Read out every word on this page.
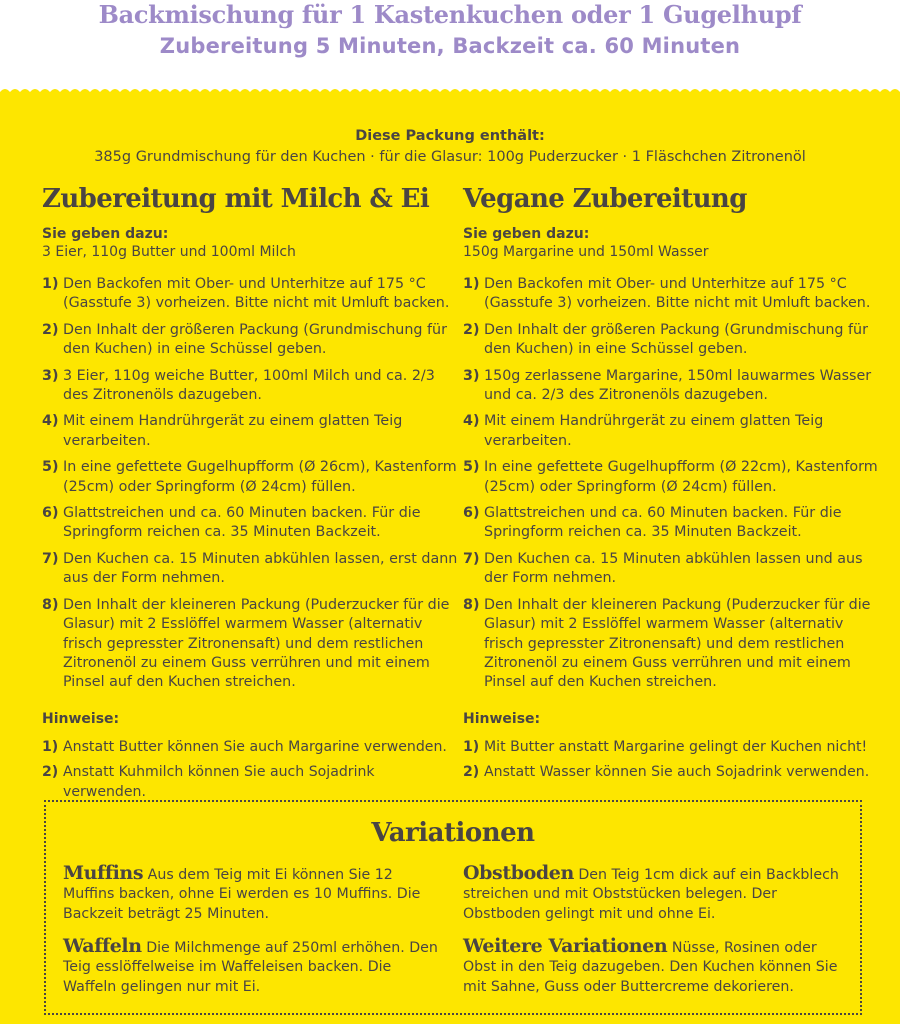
Backmischung für 1 Kastenkuchen oder 1 Gugelhupf
Zubereitung 5 Minuten, Backzeit ca. 60 Minuten
Diese Packung enthält:
385g Grundmischung für den Kuchen · für die Glasur: 100g Puderzucker · 1 Fläschchen Zitronenöl
Zubereitung mit Milch & Ei
Sie geben dazu:
3 Eier, 110g Butter und 100ml Milch
1) Den Backofen mit Ober- und Unterhitze auf 175 °C (Gasstufe 3) vorheizen. Bitte nicht mit Umluft backen.
2) Den Inhalt der größeren Packung (Grundmischung für den Kuchen) in eine Schüssel geben.
3) 3 Eier, 110g weiche Butter, 100ml Milch und ca. 2/3 des Zitronenöls dazugeben.
4) Mit einem Handrührgerät zu einem glatten Teig verarbeiten.
5) In eine gefettete Gugelhupfform (Ø 26cm), Kastenform (25cm) oder Springform (Ø 24cm) füllen.
6) Glattstreichen und ca. 60 Minuten backen. Für die Springform reichen ca. 35 Minuten Backzeit.
7) Den Kuchen ca. 15 Minuten abkühlen lassen, erst dann aus der Form nehmen.
8) Den Inhalt der kleineren Packung (Puderzucker für die Glasur) mit 2 Esslöffel warmem Wasser (alternativ frisch gepresster Zitronensaft) und dem restlichen Zitronenöl zu einem Guss verrühren und mit einem Pinsel auf den Kuchen streichen.
Hinweise:
1) Anstatt Butter können Sie auch Margarine verwenden.
2) Anstatt Kuhmilch können Sie auch Sojadrink verwenden.
Vegane Zubereitung
Sie geben dazu:
150g Margarine und 150ml Wasser
1) Den Backofen mit Ober- und Unterhitze auf 175 °C (Gasstufe 3) vorheizen. Bitte nicht mit Umluft backen.
2) Den Inhalt der größeren Packung (Grundmischung für den Kuchen) in eine Schüssel geben.
3) 150g zerlassene Margarine, 150ml lauwarmes Wasser und ca. 2/3 des Zitronenöls dazugeben.
4) Mit einem Handrührgerät zu einem glatten Teig verarbeiten.
5) In eine gefettete Gugelhupfform (Ø 22cm), Kastenform (25cm) oder Springform (Ø 24cm) füllen.
6) Glattstreichen und ca. 60 Minuten backen. Für die Springform reichen ca. 35 Minuten Backzeit.
7) Den Kuchen ca. 15 Minuten abkühlen lassen und aus der Form nehmen.
8) Den Inhalt der kleineren Packung (Puderzucker für die Glasur) mit 2 Esslöffel warmem Wasser (alternativ frisch gepresster Zitronensaft) und dem restlichen Zitronenöl zu einem Guss verrühren und mit einem Pinsel auf den Kuchen streichen.
Hinweise:
1) Mit Butter anstatt Margarine gelingt der Kuchen nicht!
2) Anstatt Wasser können Sie auch Sojadrink verwenden.
Variationen
Muffins Aus dem Teig mit Ei können Sie 12 Muffins backen, ohne Ei werden es 10 Muffins. Die Backzeit beträgt 25 Minuten.
Obstboden Den Teig 1cm dick auf ein Backblech streichen und mit Obststücken belegen. Der Obstboden gelingt mit und ohne Ei.
Waffeln Die Milchmenge auf 250ml erhöhen. Den Teig esslöffelweise im Waffeleisen backen. Die Waffeln gelingen nur mit Ei.
Weitere Variationen Nüsse, Rosinen oder Obst in den Teig dazugeben. Den Kuchen können Sie mit Sahne, Guss oder Buttercreme dekorieren.
